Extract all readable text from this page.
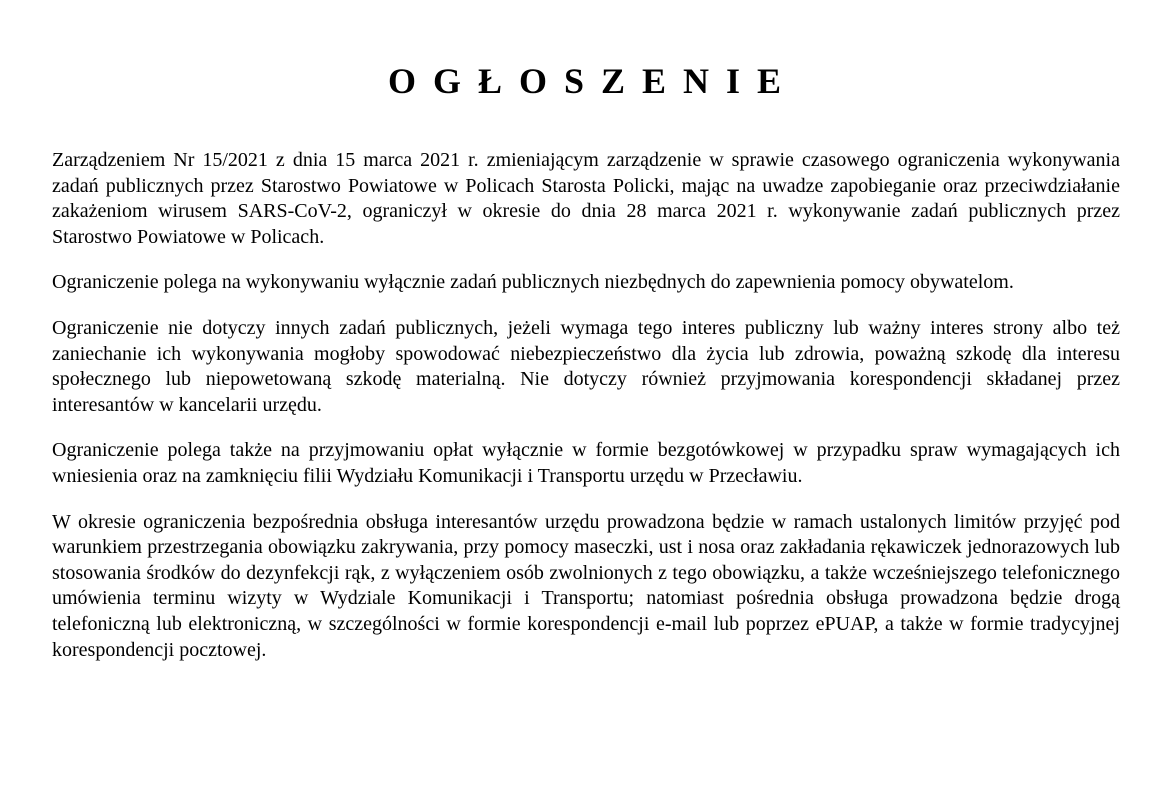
OGŁOSZENIE

Zarządzeniem Nr 15/2021 z dnia 15 marca 2021 r. zmieniającym zarządzenie w sprawie czasowego ograniczenia wykonywania zadań publicznych przez Starostwo Powiatowe w Policach Starosta Policki, mając na uwadze zapobieganie oraz przeciwdziałanie zakażeniom wirusem SARS-CoV-2, ograniczył w okresie do dnia 28 marca 2021 r. wykonywanie zadań publicznych przez Starostwo Powiatowe w Policach.

Ograniczenie polega na wykonywaniu wyłącznie zadań publicznych niezbędnych do zapewnienia pomocy obywatelom.

Ograniczenie nie dotyczy innych zadań publicznych, jeżeli wymaga tego interes publiczny lub ważny interes strony albo też zaniechanie ich wykonywania mogłoby spowodować niebezpieczeństwo dla życia lub zdrowia, poważną szkodę dla interesu społecznego lub niepowetowaną szkodę materialną. Nie dotyczy również przyjmowania korespondencji składanej przez interesantów w kancelarii urzędu.

Ograniczenie polega także na przyjmowaniu opłat wyłącznie w formie bezgotówkowej w przypadku spraw wymagających ich wniesienia oraz na zamknięciu filii Wydziału Komunikacji i Transportu urzędu w Przecławiu.

W okresie ograniczenia bezpośrednia obsługa interesantów urzędu prowadzona będzie w ramach ustalonych limitów przyjęć pod warunkiem przestrzegania obowiązku zakrywania, przy pomocy maseczki, ust i nosa oraz zakładania rękawiczek jednorazowych lub stosowania środków do dezynfekcji rąk, z wyłączeniem osób zwolnionych z tego obowiązku, a także wcześniejszego telefonicznego umówienia terminu wizyty w Wydziale Komunikacji i Transportu; natomiast pośrednia obsługa prowadzona będzie drogą telefoniczną lub elektroniczną, w szczególności w formie korespondencji e-mail lub poprzez ePUAP, a także w formie tradycyjnej korespondencji pocztowej.
